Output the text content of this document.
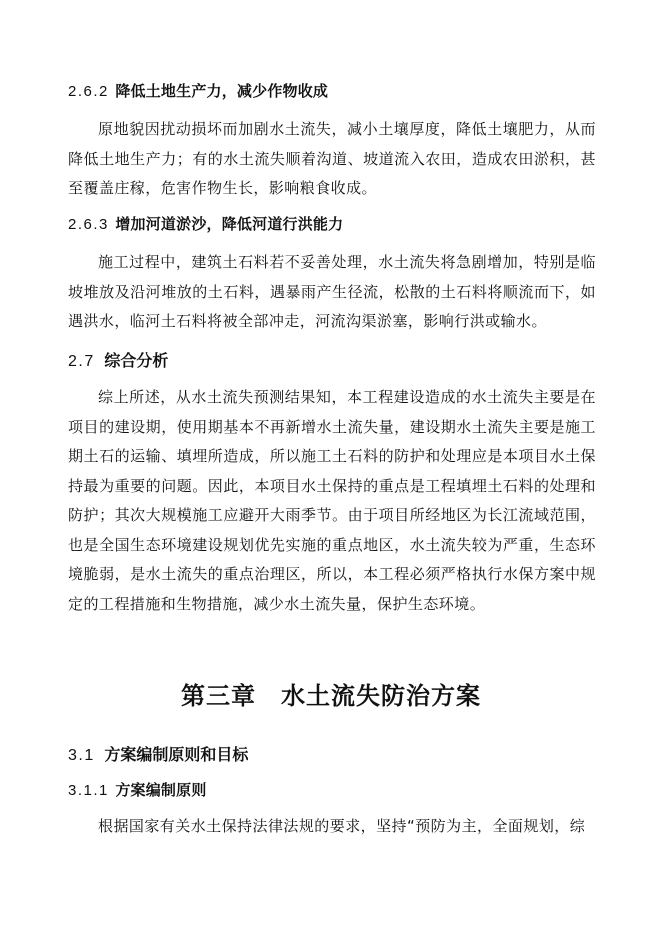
2.6.2 降低土地生产力，减少作物收成
原地貌因扰动损坏而加剧水土流失，减小土壤厚度，降低土壤肥力，从而降低土地生产力；有的水土流失顺着沟道、坡道流入农田，造成农田淤积，甚至覆盖庄稼，危害作物生长，影响粮食收成。
2.6.3 增加河道淤沙，降低河道行洪能力
施工过程中，建筑土石料若不妥善处理，水土流失将急剧增加，特别是临坡堆放及沿河堆放的土石料，遇暴雨产生径流，松散的土石料将顺流而下，如遇洪水，临河土石料将被全部冲走，河流沟渠淤塞，影响行洪或输水。
2.7 综合分析
综上所述，从水土流失预测结果知，本工程建设造成的水土流失主要是在项目的建设期，使用期基本不再新增水土流失量，建设期水土流失主要是施工期土石的运输、填埋所造成，所以施工土石料的防护和处理应是本项目水土保持最为重要的问题。因此，本项目水土保持的重点是工程填埋土石料的处理和防护；其次大规模施工应避开大雨季节。由于项目所经地区为长江流域范围，也是全国生态环境建设规划优先实施的重点地区，水土流失较为严重，生态环境脆弱，是水土流失的重点治理区，所以，本工程必须严格执行水保方案中规定的工程措施和生物措施，减少水土流失量，保护生态环境。
第三章　水土流失防治方案
3.1 方案编制原则和目标
3.1.1 方案编制原则
根据国家有关水土保持法律法规的要求，坚持“预防为主，全面规划，综
